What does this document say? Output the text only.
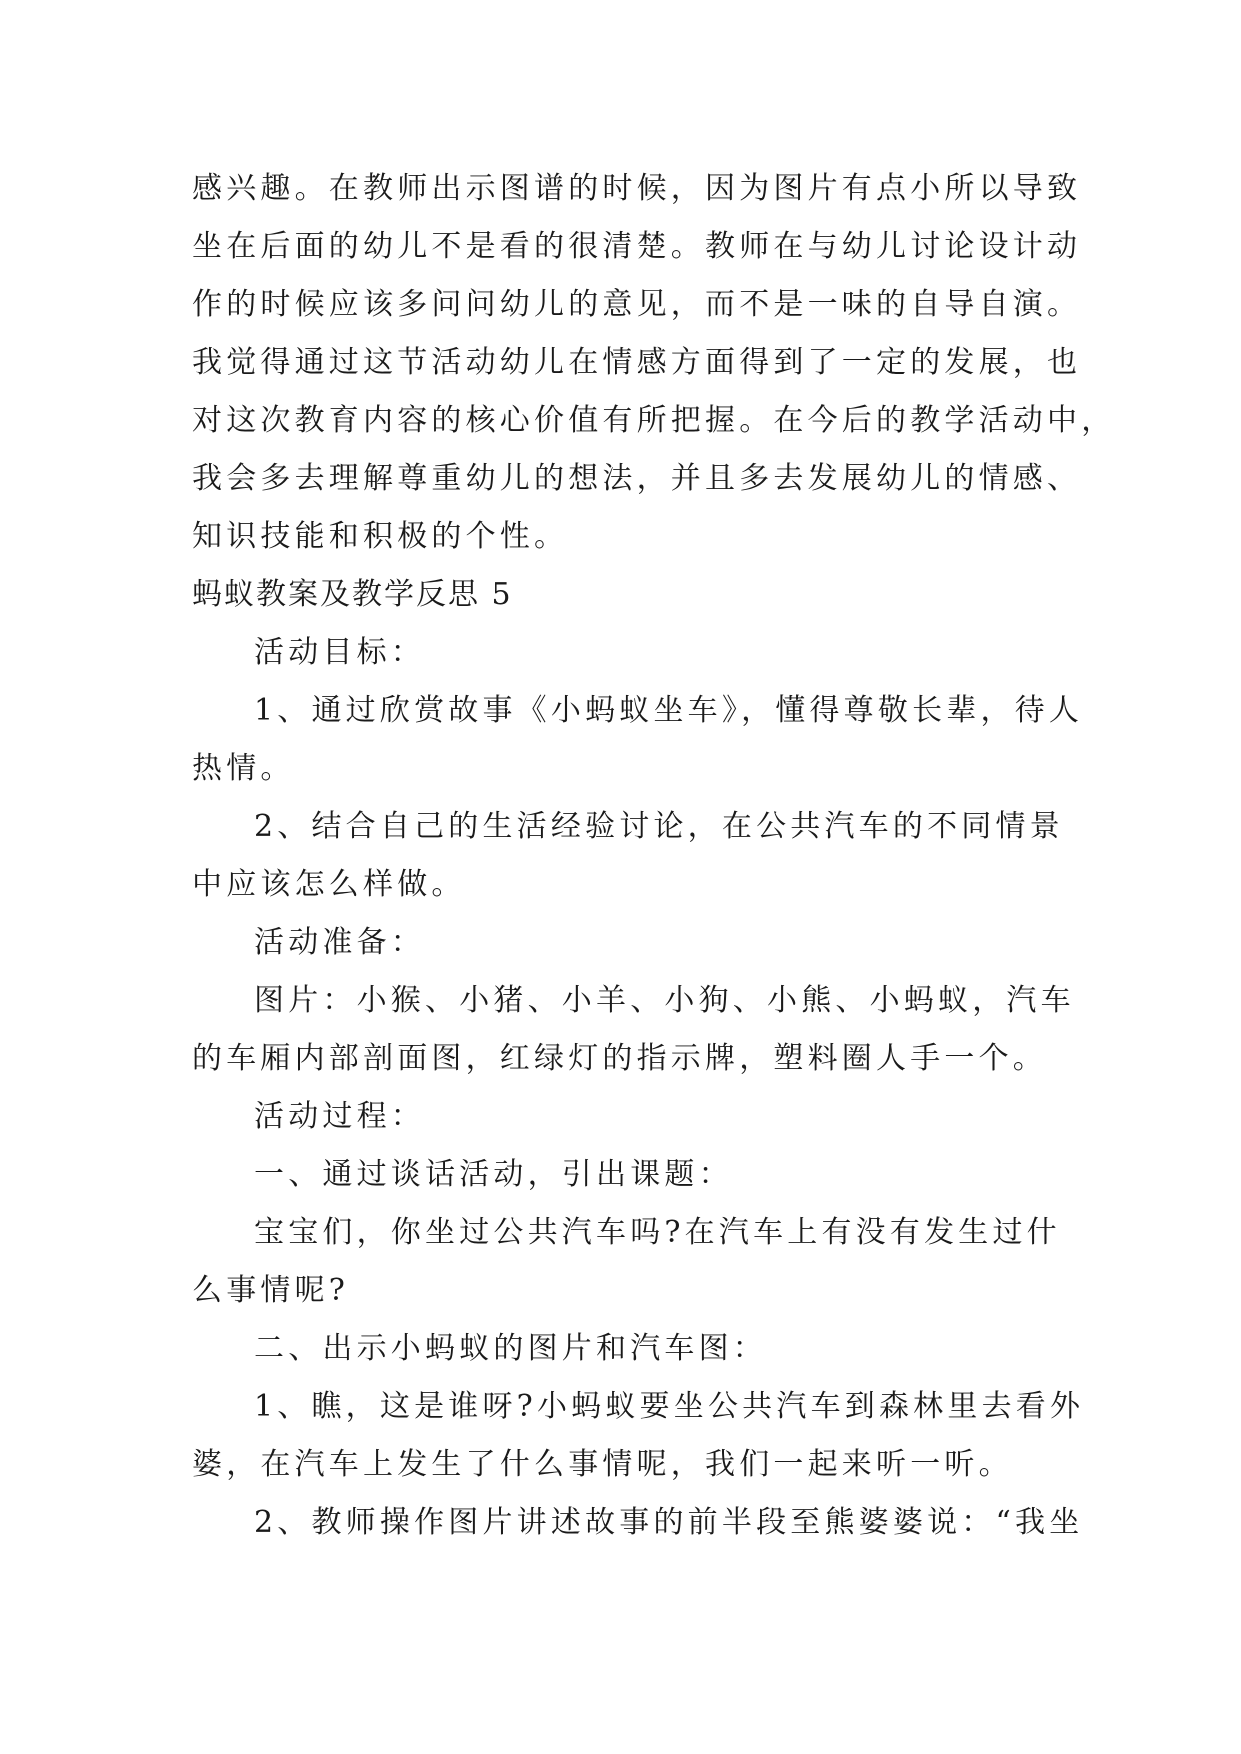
感兴趣。在教师出示图谱的时候，因为图片有点小所以导致
坐在后面的幼儿不是看的很清楚。教师在与幼儿讨论设计动
作的时候应该多问问幼儿的意见，而不是一味的自导自演。
我觉得通过这节活动幼儿在情感方面得到了一定的发展，也
对这次教育内容的核心价值有所把握。在今后的教学活动中，
我会多去理解尊重幼儿的想法，并且多去发展幼儿的情感、
知识技能和积极的个性。
蚂蚁教案及教学反思 5
活动目标：
1、通过欣赏故事《小蚂蚁坐车》，懂得尊敬长辈，待人
热情。
2、结合自己的生活经验讨论，在公共汽车的不同情景
中应该怎么样做。
活动准备：
图片：小猴、小猪、小羊、小狗、小熊、小蚂蚁，汽车
的车厢内部剖面图，红绿灯的指示牌，塑料圈人手一个。
活动过程：
一、通过谈话活动，引出课题：
宝宝们，你坐过公共汽车吗?在汽车上有没有发生过什
么事情呢?
二、出示小蚂蚁的图片和汽车图：
1、瞧，这是谁呀?小蚂蚁要坐公共汽车到森林里去看外
婆，在汽车上发生了什么事情呢，我们一起来听一听。
2、教师操作图片讲述故事的前半段至熊婆婆说：“我坐
